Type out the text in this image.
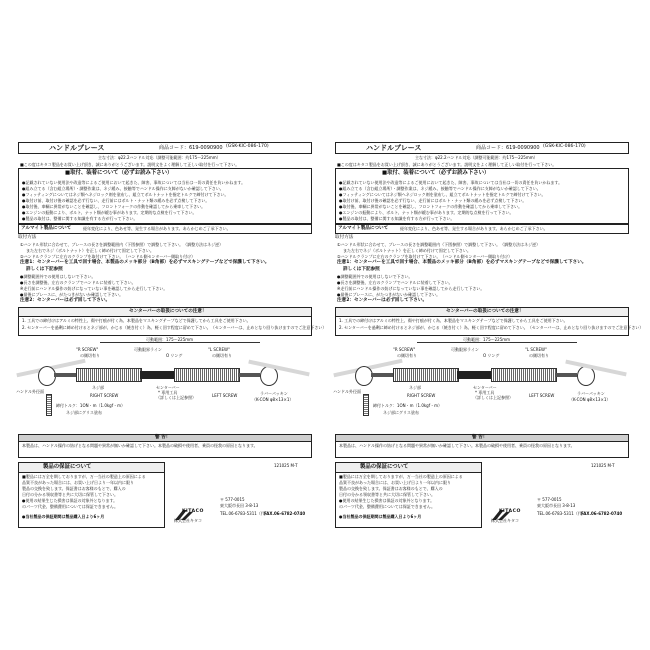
ハンドルブレース	商品コード：619-0090900 (GSK-KIC-086-170)
主な寸法：φ22.2ハンドル対応（調整可能範囲：約175～225mm）
■この度はキタコ製品をお買い上げ頂き、誠にありがとうございます。説明文をよく理解して正しい取付を行って下さい。
■取付、装着について（必ずお読み下さい）
●記載されていない使用法や改造等によるご使用において起きた、障害、事故については当社は一切の責任を負いかねます。
●組み立てる（含む組立場所）・調整作業は、ネジ緩み、接触等でハンドル操作に支障がないか確認して下さい。
●フィッティングについてはネジ類へネジロック剤を塗布し、組立てボルトナットを指定トルクで締付けて下さい。
●取付け前、取付け後の確認を必ず行ない、走行前にはボルト・ナット類の緩みを必ず点検して下さい。
●取付後、車輌に異常がないことを確認し、フロントフォークの作動を確認してから乗車して下さい。
●エンジンの振動により、ボルト、ナット類が緩む事があります。定期的な点検を行って下さい。
●製品の取付は、整備に関する知識を有する方が行って下さい。
アルマイト製品について	経年変化により、色あせ等、発生する場合があります。あらかじめご了承下さい。
取付方法
①ハンドル形状に合わせて、ブレースの長さを調整範囲内（下図参照）で調整して下さい。（調整方法はネジ逆）
また左右でネジ（ボルトナット）を正しく締め付けて固定して下さい。
②ハンドルクランプに左右のクランプを取付けて下さい。（ハンドル側センターバー側取り付け）
注意1：センターバーを工具で回す場合、本製品のメッキ部分（B角部）を必ずマスキングテープなどで保護して下さい。
詳しくは下記参照
●調整範囲外での使用はしないで下さい。
●長さを調整後、左右のクランプでハンドルに装着して下さい。
※走行前にハンドル操作の妨げになっていない事を確認してから走行して下さい。
●最後にブレースに、がたつきがないか確認して下さい。
注意2：センターバーは必ず回して下さい。
センターバーの取扱についての注意！
1. 工具での締付けはアルミの特性上、傷や打痕が付く為、本製品をマスキングテープなどで保護してから工具をご使用下さい。
2. センターバーを過剰に締め付けるとネジ部が、かじる（焼き付く）為、軽く回す程度に留めて下さい。（センターバーは、止めとなり回り抜けますのでご注意下さい）
可動範囲：175～225mm
"R SCREW"
の側切有り
可動限界ライン
O リング
"L SCREW"
の側切有り
ハンドル外径面
ネジ部	センターバー
* 専用工具
（詳しくは上記参照）
RIGHT SCREW	LEFT SCREW
締付トルク：1ON・m（1.0kgf・m）
ネジ部にグリス塗布
ラバーパッキン
（K-CON φ8×13×1）
警 告！
本製品は、ハンドル操作の妨げとなる問題や異常が無いか確認して下さい。本製品の破損や使用者、乗員の怪我の原因となります。
製品の保証について
■製品には万全を期しておりますが、万一当社の製造上の原因による
品質不良があった場合には、お買い上げ日より一年以内に限り
製品の交換を致します。保証書はお客様のもとで、購入の
日付の分かる領収書等と共に大切に保管して下さい。
●使用の結果生じた損害は保証の対象外となります。
のパーツ代金、整備費用については保証できません。
●当社製品の保証期間は製品購入日より6ヶ月
121025 M-T
KITACO
株式会社キタコ
〒 577-0015
東大阪市長田 3-8-13
TEL.06-6783-5311（代）
FAX.06-6782-0740
ハンドルブレース	商品コード：619-0090900 (GSK-KIC-086-170)
主な寸法：φ22.2ハンドル対応（調整可能範囲：約175～225mm）
■この度はキタコ製品をお買い上げ頂き、誠にありがとうございます。説明文をよく理解して正しい取付を行って下さい。
■取付、装着について（必ずお読み下さい）
●記載されていない使用法や改造等によるご使用において起きた、障害、事故については当社は一切の責任を負いかねます。
●組み立てる（含む組立場所）・調整作業は、ネジ緩み、接触等でハンドル操作に支障がないか確認して下さい。
●フィッティングについてはネジ類へネジロック剤を塗布し、組立てボルトナットを指定トルクで締付けて下さい。
●取付け前、取付け後の確認を必ず行ない、走行前にはボルト・ナット類の緩みを必ず点検して下さい。
●取付後、車輌に異常がないことを確認し、フロントフォークの作動を確認してから乗車して下さい。
●エンジンの振動により、ボルト、ナット類が緩む事があります。定期的な点検を行って下さい。
●製品の取付は、整備に関する知識を有する方が行って下さい。
アルマイト製品について	経年変化により、色あせ等、発生する場合があります。あらかじめご了承下さい。
取付方法
①ハンドル形状に合わせて、ブレースの長さを調整範囲内（下図参照）で調整して下さい。（調整方法はネジ逆）
また左右でネジ（ボルトナット）を正しく締め付けて固定して下さい。
②ハンドルクランプに左右のクランプを取付けて下さい。（ハンドル側センターバー側取り付け）
注意1：センターバーを工具で回す場合、本製品のメッキ部分（B角部）を必ずマスキングテープなどで保護して下さい。
詳しくは下記参照
●調整範囲外での使用はしないで下さい。
●長さを調整後、左右のクランプでハンドルに装着して下さい。
※走行前にハンドル操作の妨げになっていない事を確認してから走行して下さい。
●最後にブレースに、がたつきがないか確認して下さい。
注意2：センターバーは必ず回して下さい。
センターバーの取扱についての注意！
1. 工具での締付けはアルミの特性上、傷や打痕が付く為、本製品をマスキングテープなどで保護してから工具をご使用下さい。
2. センターバーを過剰に締め付けるとネジ部が、かじる（焼き付く）為、軽く回す程度に留めて下さい。（センターバーは、止めとなり回り抜けますのでご注意下さい）
可動範囲：175～225mm
"R SCREW"
の側切有り
可動限界ライン
O リング
"L SCREW"
の側切有り
ハンドル外径面
ネジ部	センターバー
* 専用工具
（詳しくは上記参照）
RIGHT SCREW	LEFT SCREW
締付トルク：1ON・m（1.0kgf・m）
ネジ部にグリス塗布
ラバーパッキン
（K-CON φ8×13×1）
警 告！
本製品は、ハンドル操作の妨げとなる問題や異常が無いか確認して下さい。本製品の破損や使用者、乗員の怪我の原因となります。
製品の保証について
■製品には万全を期しておりますが、万一当社の製造上の原因による
品質不良があった場合には、お買い上げ日より一年以内に限り
製品の交換を致します。保証書はお客様のもとで、購入の
日付の分かる領収書等と共に大切に保管して下さい。
●使用の結果生じた損害は保証の対象外となります。
のパーツ代金、整備費用については保証できません。
●当社製品の保証期間は製品購入日より6ヶ月
121025 M-T
KITACO
株式会社キタコ
〒 577-0015
東大阪市長田 3-8-13
TEL.06-6783-5311（代）
FAX.06-6782-0740
